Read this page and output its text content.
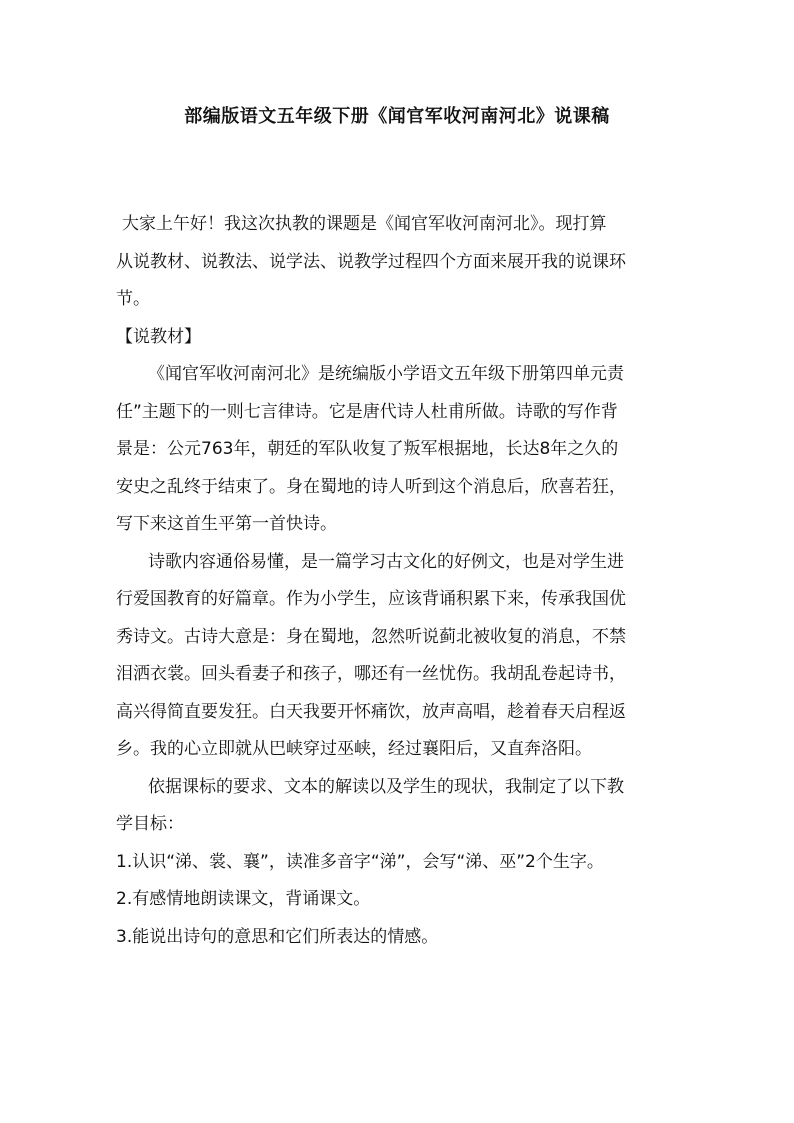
部编版语文五年级下册《闻官军收河南河北》说课稿
大家上午好！我这次执教的课题是《闻官军收河南河北》。现打算
从说教材、说教法、说学法、说教学过程四个方面来展开我的说课环
节。
【说教材】
《闻官军收河南河北》是统编版小学语文五年级下册第四单元责
任”主题下的一则七言律诗。它是唐代诗人杜甫所做。诗歌的写作背
景是：公元763年，朝廷的军队收复了叛军根据地，长达8年之久的
安史之乱终于结束了。身在蜀地的诗人听到这个消息后，欣喜若狂，
写下来这首生平第一首快诗。
诗歌内容通俗易懂，是一篇学习古文化的好例文，也是对学生进
行爱国教育的好篇章。作为小学生，应该背诵积累下来，传承我国优
秀诗文。古诗大意是：身在蜀地，忽然听说蓟北被收复的消息，不禁
泪洒衣裳。回头看妻子和孩子，哪还有一丝忧伤。我胡乱卷起诗书，
高兴得简直要发狂。白天我要开怀痛饮，放声高唱，趁着春天启程返
乡。我的心立即就从巴峡穿过巫峡，经过襄阳后，又直奔洛阳。
依据课标的要求、文本的解读以及学生的现状，我制定了以下教
学目标：
1.认识“涕、裳、襄”，读准多音字“涕”，会写“涕、巫”2个生字。
2.有感情地朗读课文，背诵课文。
3.能说出诗句的意思和它们所表达的情感。
